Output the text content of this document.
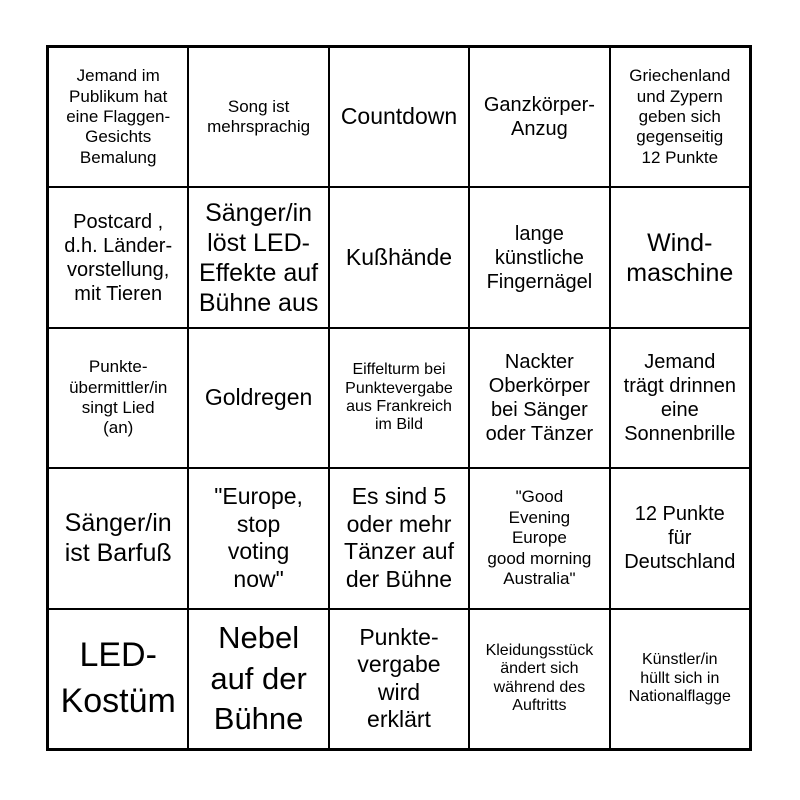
Jemand im
Publikum hat
eine Flaggen-
Gesichts
Bemalung
Song ist
mehrsprachig	Countdown	Ganzkörper-
Anzug
Griechenland
und Zypern
geben sich
gegenseitig
12 Punkte
Postcard ,
d.h. Länder-
vorstellung,
mit Tieren
Sänger/in
löst LED-
Effekte auf
Bühne aus
Kußhände
lange
künstliche
Fingernägel
Wind-
maschine
Punkte-
übermittler/in
singt Lied
(an)
Goldregen
Eiffelturm bei
Punktevergabe
aus Frankreich
im Bild
Nackter
Oberkörper
bei Sänger
oder Tänzer
Jemand
trägt drinnen
eine
Sonnenbrille
Sänger/in
ist Barfuß
"Europe,
stop
voting
now"
Es sind 5
oder mehr
Tänzer auf
der Bühne
"Good
Evening
Europe
good morning
Australia"
12 Punkte
für
Deutschland
LED-
Kostüm
Nebel
auf der
Bühne
Punkte-
vergabe
wird
erklärt
Kleidungsstück
ändert sich
während des
Auftritts
Künstler/in
hüllt sich in
Nationalflagge
